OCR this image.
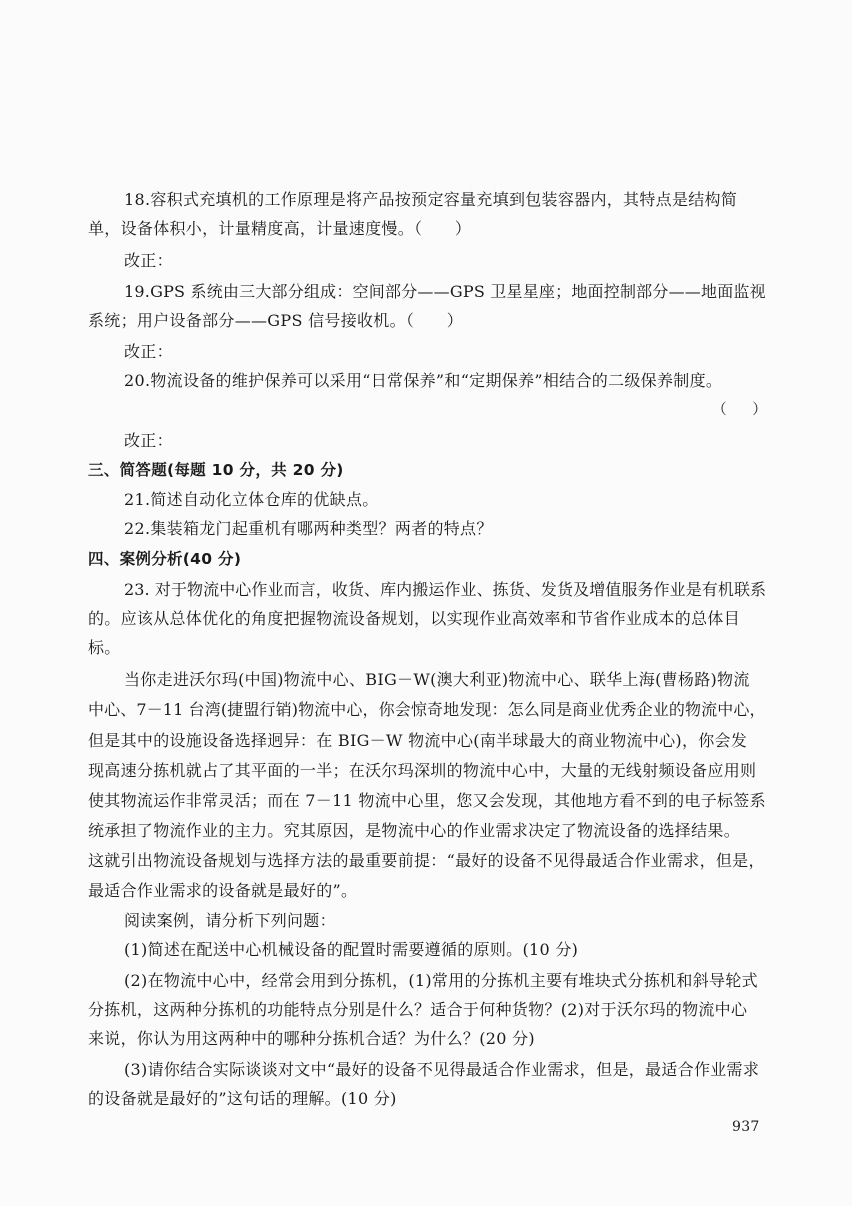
18.容积式充填机的工作原理是将产品按预定容量充填到包装容器内，其特点是结构简
单，设备体积小，计量精度高，计量速度慢。（　　）
改正：
19.GPS 系统由三大部分组成：空间部分——GPS 卫星星座；地面控制部分——地面监视
系统；用户设备部分——GPS 信号接收机。（　　）
改正：
20.物流设备的维护保养可以采用“日常保养”和“定期保养”相结合的二级保养制度。
（　　）
改正：
三、简答题(每题 10 分，共 20 分)
21.简述自动化立体仓库的优缺点。
22.集装箱龙门起重机有哪两种类型？两者的特点？
四、案例分析(40 分)
23. 对于物流中心作业而言，收货、库内搬运作业、拣货、发货及增值服务作业是有机联系
的。应该从总体优化的角度把握物流设备规划，以实现作业高效率和节省作业成本的总体目
标。
当你走进沃尔玛(中国)物流中心、BIG－W(澳大利亚)物流中心、联华上海(曹杨路)物流
中心、7－11 台湾(捷盟行销)物流中心，你会惊奇地发现：怎么同是商业优秀企业的物流中心，
但是其中的设施设备选择迥异：在 BIG－W 物流中心(南半球最大的商业物流中心)，你会发
现高速分拣机就占了其平面的一半；在沃尔玛深圳的物流中心中，大量的无线射频设备应用则
使其物流运作非常灵活；而在 7－11 物流中心里，您又会发现，其他地方看不到的电子标签系
统承担了物流作业的主力。究其原因，是物流中心的作业需求决定了物流设备的选择结果。
这就引出物流设备规划与选择方法的最重要前提：“最好的设备不见得最适合作业需求，但是，
最适合作业需求的设备就是最好的”。
阅读案例，请分析下列问题：
(1)简述在配送中心机械设备的配置时需要遵循的原则。(10 分)
(2)在物流中心中，经常会用到分拣机，(1)常用的分拣机主要有堆块式分拣机和斜导轮式
分拣机，这两种分拣机的功能特点分别是什么？适合于何种货物？(2)对于沃尔玛的物流中心
来说，你认为用这两种中的哪种分拣机合适？为什么？(20 分)
(3)请你结合实际谈谈对文中“最好的设备不见得最适合作业需求，但是，最适合作业需求
的设备就是最好的”这句话的理解。(10 分)
937
